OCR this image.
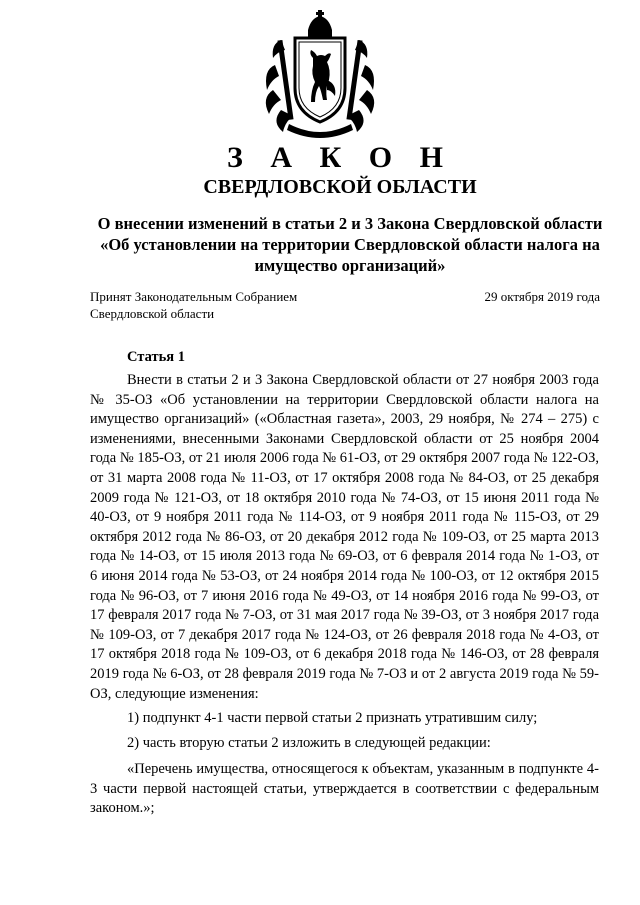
З А К О Н
СВЕРДЛОВСКОЙ ОБЛАСТИ
О внесении изменений в статьи 2 и 3 Закона Свердловской области «Об установлении на территории Свердловской области налога на имущество организаций»
Принят Законодательным Собранием
Свердловской области
29 октября 2019 года
Статья 1

Внести в статьи 2 и 3 Закона Свердловской области от 27 ноября 2003 года № 35-ОЗ «Об установлении на территории Свердловской области налога на имущество организаций» («Областная газета», 2003, 29 ноября, № 274 – 275) с изменениями, внесенными Законами Свердловской области от 25 ноября 2004 года № 185-ОЗ, от 21 июля 2006 года № 61-ОЗ, от 29 октября 2007 года № 122-ОЗ, от 31 марта 2008 года № 11-ОЗ, от 17 октября 2008 года № 84-ОЗ, от 25 декабря 2009 года № 121-ОЗ, от 18 октября 2010 года № 74-ОЗ, от 15 июня 2011 года № 40-ОЗ, от 9 ноября 2011 года № 114-ОЗ, от 9 ноября 2011 года № 115-ОЗ, от 29 октября 2012 года № 86-ОЗ, от 20 декабря 2012 года № 109-ОЗ, от 25 марта 2013 года № 14-ОЗ, от 15 июля 2013 года № 69-ОЗ, от 6 февраля 2014 года № 1-ОЗ, от 6 июня 2014 года № 53-ОЗ, от 24 ноября 2014 года № 100-ОЗ, от 12 октября 2015 года № 96-ОЗ, от 7 июня 2016 года № 49-ОЗ, от 14 ноября 2016 года № 99-ОЗ, от 17 февраля 2017 года № 7-ОЗ, от 31 мая 2017 года № 39-ОЗ, от 3 ноября 2017 года № 109-ОЗ, от 7 декабря 2017 года № 124-ОЗ, от 26 февраля 2018 года № 4-ОЗ, от 17 октября 2018 года № 109-ОЗ, от 6 декабря 2018 года № 146-ОЗ, от 28 февраля 2019 года № 6-ОЗ, от 28 февраля 2019 года № 7-ОЗ и от 2 августа 2019 года № 59-ОЗ, следующие изменения:

1) подпункт 4-1 части первой статьи 2 признать утратившим силу;

2) часть вторую статьи 2 изложить в следующей редакции:

«Перечень имущества, относящегося к объектам, указанным в подпункте 4-3 части первой настоящей статьи, утверждается в соответствии с федеральным законом.»;
